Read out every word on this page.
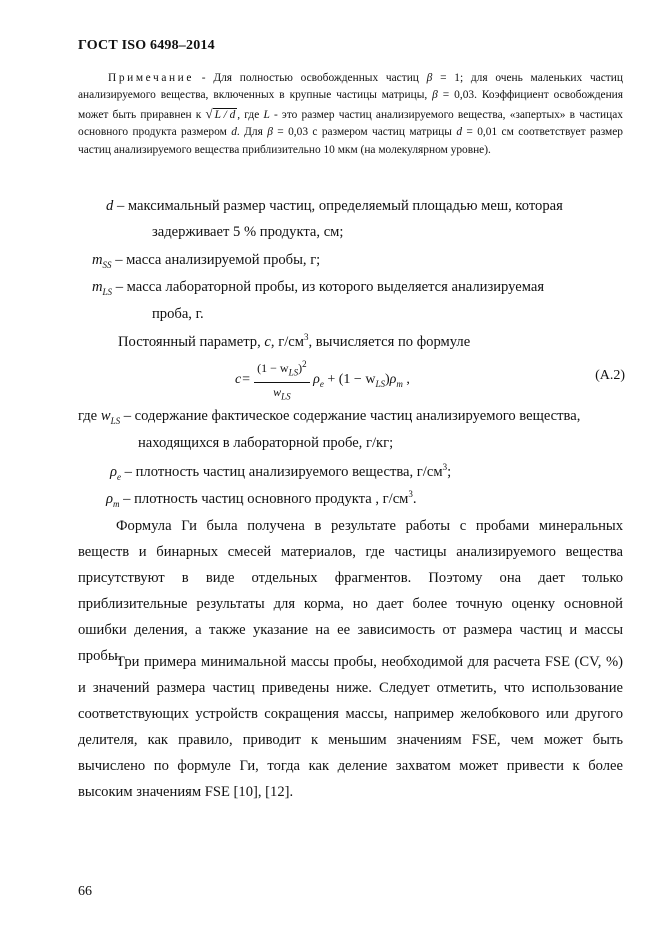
ГОСТ ISO 6498–2014
Примечание - Для полностью освобожденных частиц β = 1; для очень маленьких частиц анализируемого вещества, включенных в крупные частицы матрицы, β = 0,03. Коэффициент освобождения может быть приравнен к √ L / d , где L - это размер частиц анализируемого вещества, «запертых» в частицах основного продукта размером d. Для β = 0,03 с размером частиц матрицы d = 0,01 см соответствует размер частиц анализируемого вещества приблизительно 10 мкм (на молекулярном уровне).
d – максимальный размер частиц, определяемый площадью меш, которая
задерживает 5 % продукта, см;
$m_{SS}$ – масса анализируемой пробы, г;
$m_{LS}$ – масса лабораторной пробы, из которого выделяется анализируемая
проба, г.
Постоянный параметр, c, $г/см^3$, вычисляется по формуле
$c= \frac{(1 - w_{LS})^2}{w_{LS}} \rho_e + (1 - w_{LS})\rho_m$ ,	(A.2)
где $w_{LS}$ – содержание фактическое содержание частиц анализируемого вещества,
находящихся в лабораторной пробе, г/кг;
$\rho_e$ – плотность частиц анализируемого вещества, $г/см^3$;
$\rho_m$ – плотность частиц основного продукта , $г/см^3$.
Формула Ги была получена в результате работы с пробами минеральных веществ и бинарных смесей материалов, где частицы анализируемого вещества присутствуют в виде отдельных фрагментов. Поэтому она дает только приблизительные результаты для корма, но дает более точную оценку основной ошибки деления, а также указание на ее зависимость от размера частиц и массы пробы.
Три примера минимальной массы пробы, необходимой для расчета FSE (CV, %) и значений размера частиц приведены ниже. Следует отметить, что использование соответствующих устройств сокращения массы, например желобкового или другого делителя, как правило, приводит к меньшим значениям FSE, чем может быть вычислено по формуле Ги, тогда как деление захватом может привести к более высоким значениям FSE [10], [12].
66
